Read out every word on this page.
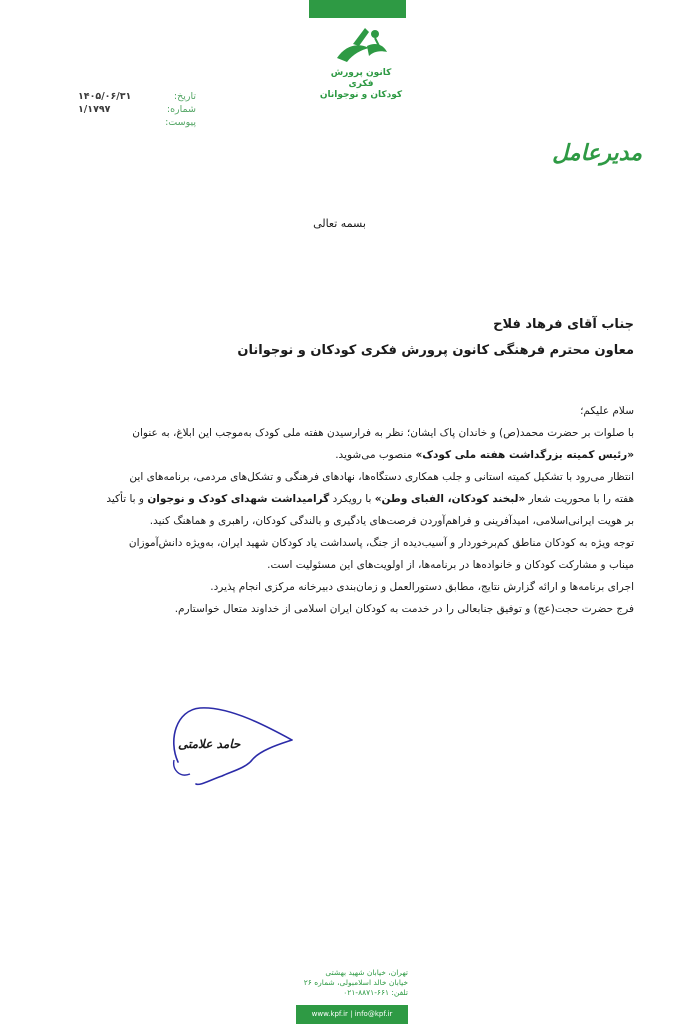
کانون پرورش فکری
کودکان و نوجوانان
تاریخ:
۱۴۰۵/۰۶/۳۱
شماره:
۱/۱۷۹۷
پیوست:
مدیرعامل
بسمه تعالی
جناب آقای فرهاد فلاح
معاون محترم فرهنگی کانون پرورش فکری کودکان و نوجوانان

سلام علیکم؛

با صلوات بر حضرت محمد(ص) و خاندان پاک ایشان؛ نظر به فرارسیدن هفته ملی کودک به‌موجب این ابلاغ، به عنوان

«رئیس کمیته بزرگداشت هفته ملی کودک» منصوب می‌شوید.

انتظار می‌رود با تشکیل کمیته استانی و جلب همکاری دستگاه‌ها، نهادهای فرهنگی و تشکل‌های مردمی، برنامه‌های این

هفته را با محوریت شعار «لبخند کودکان، الفبای وطن» با رویکرد گرامیداشت شهدای کودک و نوجوان و با تأکید

بر هویت ایرانی‌اسلامی، امیدآفرینی و فراهم‌آوردن فرصت‌های یادگیری و بالندگی کودکان، راهبری و هماهنگ کنید.

توجه ویژه به کودکان مناطق کم‌برخوردار و آسیب‌دیده از جنگ، پاسداشت یاد کودکان شهید ایران، به‌ویژه دانش‌آموزان

میناب و مشارکت کودکان و خانواده‌ها در برنامه‌ها، از اولویت‌های این مسئولیت است.

اجرای برنامه‌ها و ارائه گزارش نتایج، مطابق دستورالعمل و زمان‌بندی دبیرخانه مرکزی انجام پذیرد.

فرج حضرت حجت(عج) و توفیق جنابعالی را در خدمت به کودکان ایران اسلامی از خداوند متعال خواستارم.

حامد علامتی
تهران، خیابان شهید بهشتی
خیابان خالد اسلامبولی، شماره ۲۶
تلفن: ۶۶۱-۸۸۷۱-۰۲۱
www.kpf.ir | info@kpf.ir
